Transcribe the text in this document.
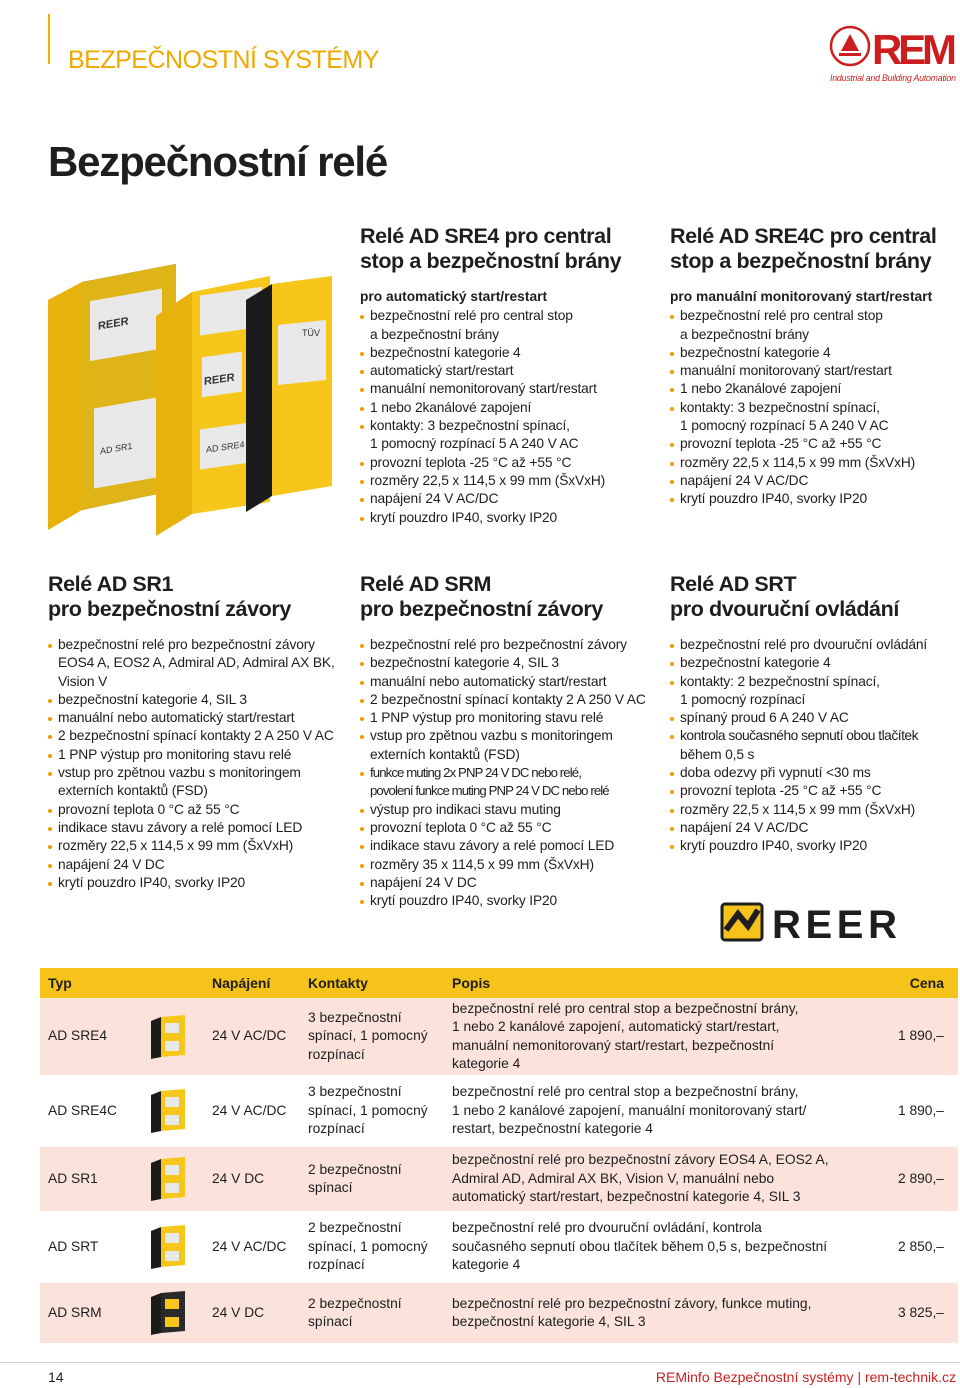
BEZPEČNOSTNÍ SYSTÉMY	REM
Industrial and Building Automation
Bezpečnostní relé
REER
AD SR1
REER
AD SRE4
TÜV
Relé AD SRE4 pro central
stop a bezpečnostní brány
pro automatický start/restart
bezpečnostní relé pro central stop
a bezpečnostní brány
bezpečnostní kategorie 4
automatický start/restart
manuální nemonitorovaný start/restart
1 nebo 2kanálové zapojení
kontakty: 3 bezpečnostní spínací,
1 pomocný rozpínací 5 A 240 V AC
provozní teplota -25 °C až +55 °C
rozměry 22,5 x 114,5 x 99 mm (ŠxVxH)
napájení 24 V AC/DC
krytí pouzdro IP40, svorky IP20
Relé AD SRE4C pro central
stop a bezpečnostní brány
pro manuální monitorovaný start/restart
bezpečnostní relé pro central stop
a bezpečnostní brány
bezpečnostní kategorie 4
manuální monitorovaný start/restart
1 nebo 2kanálové zapojení
kontakty: 3 bezpečnostní spínací,
1 pomocný rozpínací 5 A 240 V AC
provozní teplota -25 °C až +55 °C
rozměry 22,5 x 114,5 x 99 mm (ŠxVxH)
napájení 24 V AC/DC
krytí pouzdro IP40, svorky IP20
Relé AD SR1
pro bezpečnostní závory
bezpečnostní relé pro bezpečnostní závory
EOS4 A, EOS2 A, Admiral AD, Admiral AX BK,
Vision V
bezpečnostní kategorie 4, SIL 3
manuální nebo automatický start/restart
2 bezpečnostní spínací kontakty 2 A 250 V AC
1 PNP výstup pro monitoring stavu relé
vstup pro zpětnou vazbu s monitoringem
externích kontaktů (FSD)
provozní teplota 0 °C až 55 °C
indikace stavu závory a relé pomocí LED
rozměry 22,5 x 114,5 x 99 mm (ŠxVxH)
napájení 24 V DC
krytí pouzdro IP40, svorky IP20
Relé AD SRM
pro bezpečnostní závory
bezpečnostní relé pro bezpečnostní závory
bezpečnostní kategorie 4, SIL 3
manuální nebo automatický start/restart
2 bezpečnostní spínací kontakty 2 A 250 V AC
1 PNP výstup pro monitoring stavu relé
vstup pro zpětnou vazbu s monitoringem
externích kontaktů (FSD)
funkce muting 2x PNP 24 V DC nebo relé,
povolení funkce muting PNP 24 V DC nebo relé
výstup pro indikaci stavu muting
provozní teplota 0 °C až 55 °C
indikace stavu závory a relé pomocí LED
rozměry 35 x 114,5 x 99 mm (ŠxVxH)
napájení 24 V DC
krytí pouzdro IP40, svorky IP20
Relé AD SRT
pro dvouruční ovládání
bezpečnostní relé pro dvouruční ovládání
bezpečnostní kategorie 4
kontakty: 2 bezpečnostní spínací,
1 pomocný rozpínací
spínaný proud 6 A 240 V AC
kontrola současného sepnutí obou tlačítek
během 0,5 s
doba odezvy při vypnutí <30 ms
provozní teplota -25 °C až +55 °C
rozměry 22,5 x 114,5 x 99 mm (ŠxVxH)
napájení 24 V AC/DC
krytí pouzdro IP40, svorky IP20
REER
Typ		Napájení	Kontakty	Popis	Cena
AD SRE4		24 V AC/DC	3 bezpečnostní
spínací, 1 pomocný
rozpínací	bezpečnostní relé pro central stop a bezpečnostní brány,
1 nebo 2 kanálové zapojení, automatický start/restart,
manuální nemonitorovaný start/restart, bezpečnostní
kategorie 4	1 890,–
AD SRE4C		24 V AC/DC	3 bezpečnostní
spínací, 1 pomocný
rozpínací	bezpečnostní relé pro central stop a bezpečnostní brány,
1 nebo 2 kanálové zapojení, manuální monitorovaný start/
restart, bezpečnostní kategorie 4	1 890,–
AD SR1		24 V DC	2 bezpečnostní
spínací	bezpečnostní relé pro bezpečnostní závory EOS4 A, EOS2 A,
Admiral AD, Admiral AX BK, Vision V, manuální nebo
automatický start/restart, bezpečnostní kategorie 4, SIL 3	2 890,–
AD SRT		24 V AC/DC	2 bezpečnostní
spínací, 1 pomocný
rozpínací	bezpečnostní relé pro dvouruční ovládání, kontrola
současného sepnutí obou tlačítek během 0,5 s, bezpečnostní
kategorie 4	2 850,–
AD SRM		24 V DC	2 bezpečnostní
spínací	bezpečnostní relé pro bezpečnostní závory, funkce muting,
bezpečnostní kategorie 4, SIL 3	3 825,–
14	REMinfo Bezpečnostní systémy | rem-technik.cz
